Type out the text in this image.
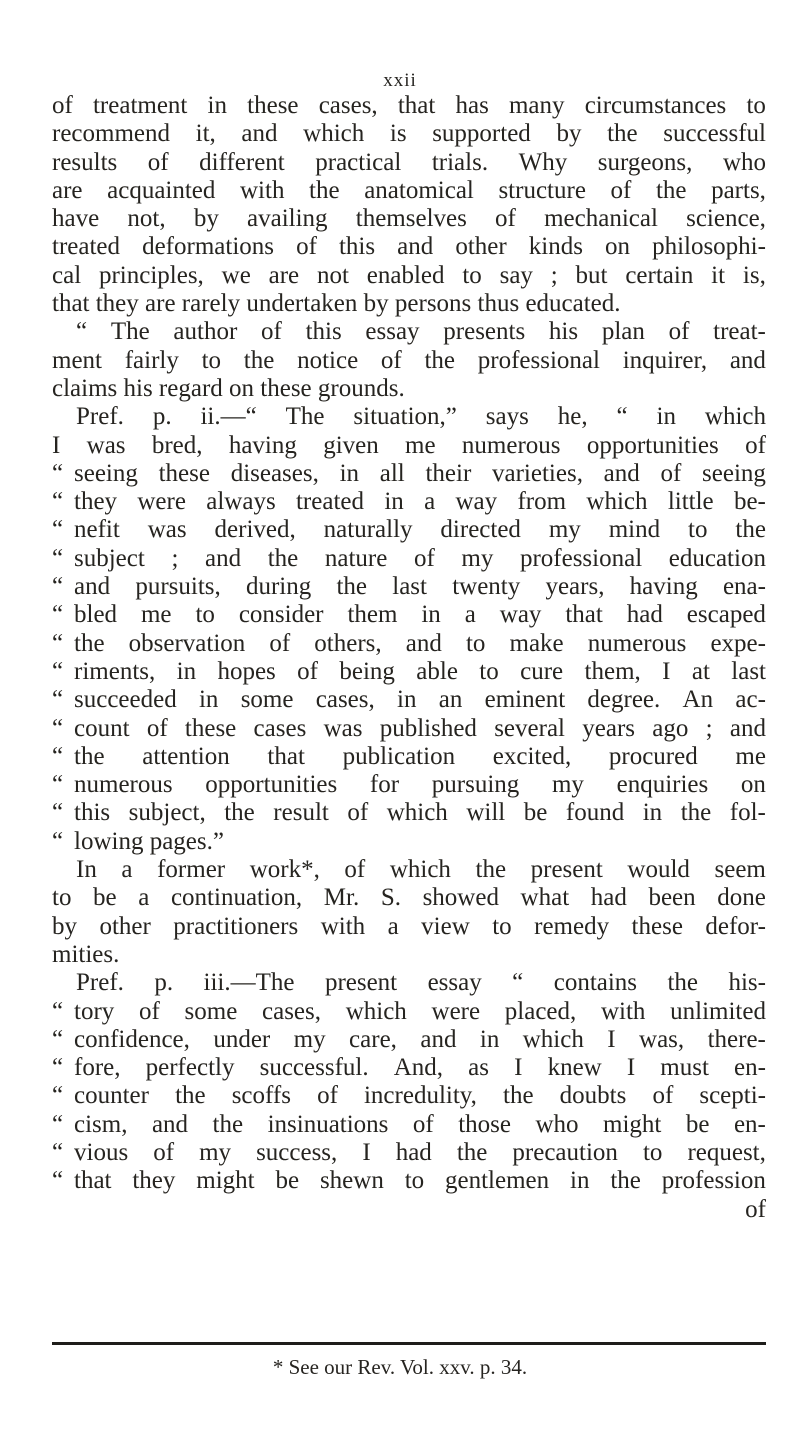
xxii
of treatment in these cases, that has many circumstances to
recommend it, and which is supported by the successful
results of different practical trials. Why surgeons, who
are acquainted with the anatomical structure of the parts,
have not, by availing themselves of mechanical science,
treated deformations of this and other kinds on philosophi-
cal principles, we are not enabled to say ; but certain it is,
that they are rarely undertaken by persons thus educated.
“ The author of this essay presents his plan of treat-
ment fairly to the notice of the professional inquirer, and
claims his regard on these grounds.
Pref. p. ii.—“ The situation,” says he, “ in which
I was bred, having given me numerous opportunities of
“ seeing these diseases, in all their varieties, and of seeing
“ they were always treated in a way from which little be-
“ nefit was derived, naturally directed my mind to the
“ subject ; and the nature of my professional education
“ and pursuits, during the last twenty years, having ena-
“ bled me to consider them in a way that had escaped
“ the observation of others, and to make numerous expe-
“ riments, in hopes of being able to cure them, I at last
“ succeeded in some cases, in an eminent degree. An ac-
“ count of these cases was published several years ago ; and
“ the attention that publication excited, procured me
“ numerous opportunities for pursuing my enquiries on
“ this subject, the result of which will be found in the fol-
“ lowing pages.”
In a former work*, of which the present would seem
to be a continuation, Mr. S. showed what had been done
by other practitioners with a view to remedy these defor-
mities.
Pref. p. iii.—The present essay “ contains the his-
“ tory of some cases, which were placed, with unlimited
“ confidence, under my care, and in which I was, there-
“ fore, perfectly successful. And, as I knew I must en-
“ counter the scoffs of incredulity, the doubts of scepti-
“ cism, and the insinuations of those who might be en-
“ vious of my success, I had the precaution to request,
“ that they might be shewn to gentlemen in the profession
of
* See our Rev. Vol. xxv. p. 34.
